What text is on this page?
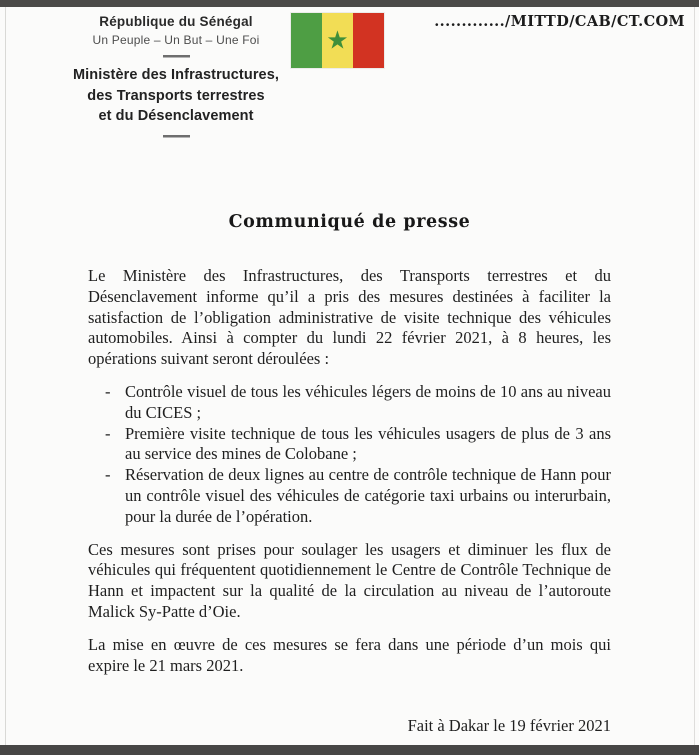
République du Sénégal
Un Peuple – Un But – Une Foi
Ministère des Infrastructures,
des Transports terrestres
et du Désenclavement
★
............./MITTD/CAB/CT.COM
Communiqué de presse

Le Ministère des Infrastructures, des Transports terrestres et du Désenclavement informe qu’il a pris des mesures destinées à faciliter la satisfaction de l’obligation administrative de visite technique des véhicules automobiles. Ainsi à compter du lundi 22 février 2021, à 8 heures, les opérations suivant seront déroulées :

- Contrôle visuel de tous les véhicules légers de moins de 10 ans au niveau du CICES ;
- Première visite technique de tous les véhicules usagers de plus de 3 ans au service des mines de Colobane ;
- Réservation de deux lignes au centre de contrôle technique de Hann pour un contrôle visuel des véhicules de catégorie taxi urbains ou interurbain, pour la durée de l’opération.

Ces mesures sont prises pour soulager les usagers et diminuer les flux de véhicules qui fréquentent quotidiennement le Centre de Contrôle Technique de Hann et impactent sur la qualité de la circulation au niveau de l’autoroute Malick Sy-Patte d’Oie.

La mise en œuvre de ces mesures se fera dans une période d’un mois qui expire le 21 mars 2021.

Fait à Dakar le 19 février 2021
